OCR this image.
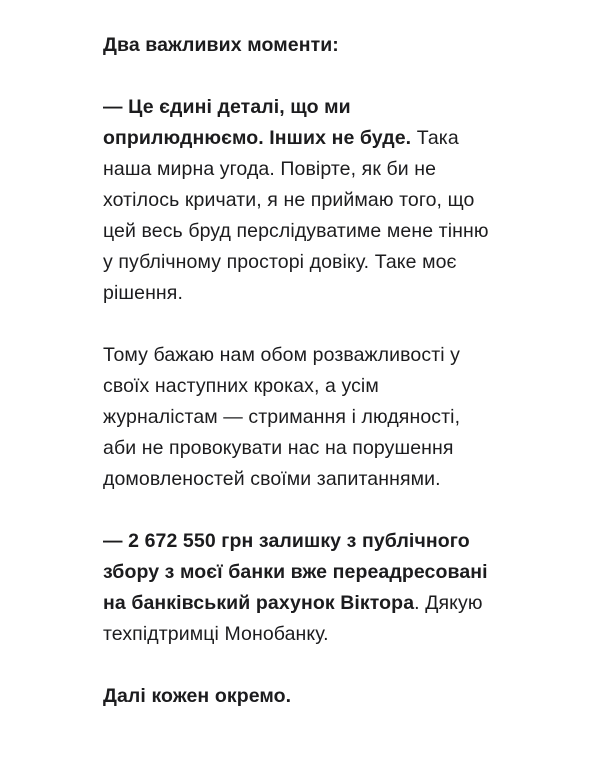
Два важливих моменти:

— Це єдині деталі, що ми
оприлюднюємо. Інших не буде. Така
наша мирна угода. Повірте, як би не
хотілось кричати, я не приймаю того, що
цей весь бруд перслідуватиме мене тінню
у публічному просторі довіку. Таке моє
рішення.

Тому бажаю нам обом розважливості у
своїх наступних кроках, а усім
журналістам — стримання і людяності,
аби не провокувати нас на порушення
домовленостей своїми запитаннями.

— 2 672 550 грн залишку з публічного
збору з моєї банки вже переадресовані
на банківський рахунок Віктора. Дякую
техпідтримці Монобанку.

Далі кожен окремо.
